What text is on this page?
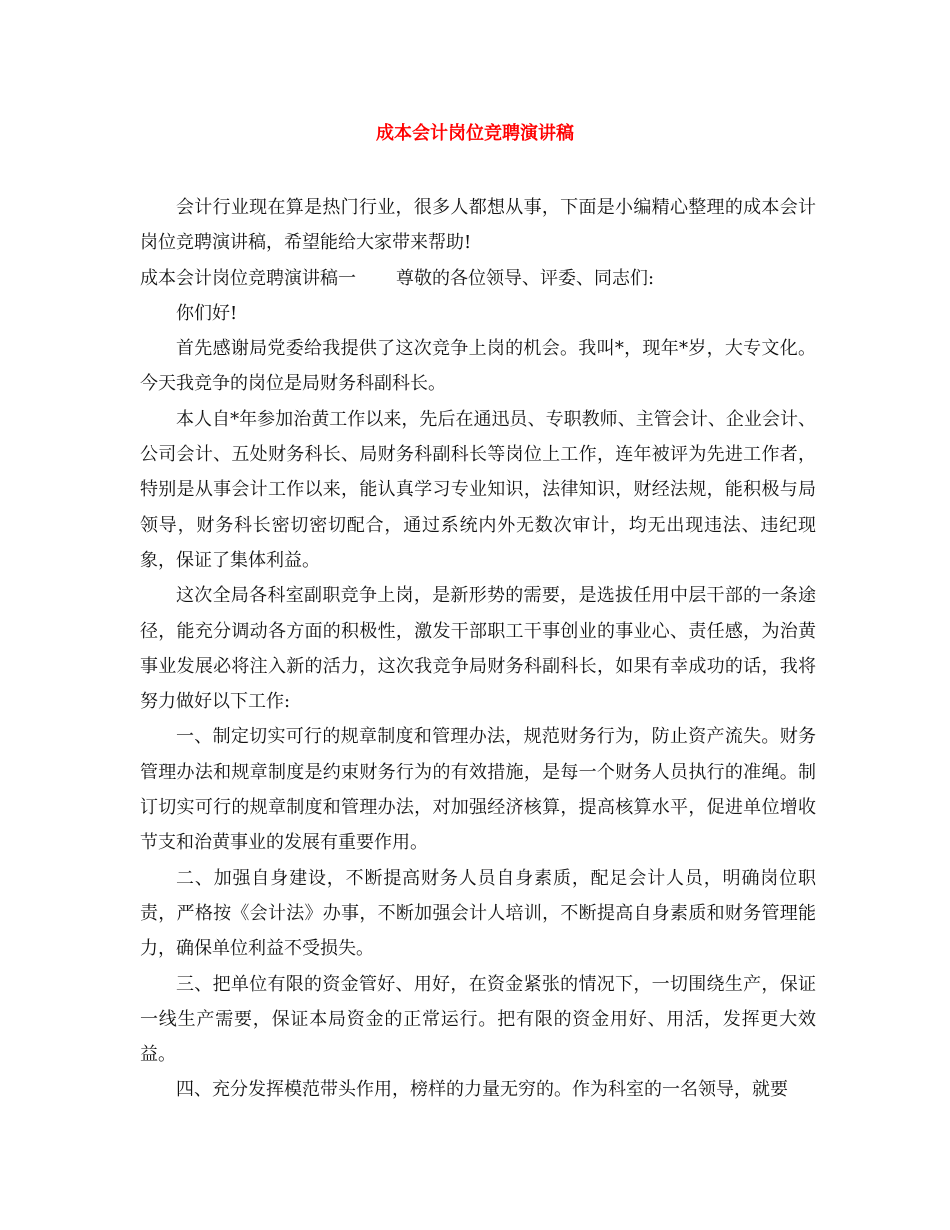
成本会计岗位竞聘演讲稿

会计行业现在算是热门行业，很多人都想从事，下面是小编精心整理的成本会计岗位竞聘演讲稿，希望能给大家带来帮助!

成本会计岗位竞聘演讲稿一 尊敬的各位领导、评委、同志们:

你们好!

首先感谢局党委给我提供了这次竞争上岗的机会。我叫*，现年*岁，大专文化。今天我竞争的岗位是局财务科副科长。

本人自*年参加治黄工作以来，先后在通迅员、专职教师、主管会计、企业会计、公司会计、五处财务科长、局财务科副科长等岗位上工作，连年被评为先进工作者，特别是从事会计工作以来，能认真学习专业知识，法律知识，财经法规，能积极与局领导，财务科长密切密切配合，通过系统内外无数次审计，均无出现违法、违纪现象，保证了集体利益。

这次全局各科室副职竞争上岗，是新形势的需要，是选拔任用中层干部的一条途径，能充分调动各方面的积极性，激发干部职工干事创业的事业心、责任感，为治黄事业发展必将注入新的活力，这次我竞争局财务科副科长，如果有幸成功的话，我将努力做好以下工作:

一、制定切实可行的规章制度和管理办法，规范财务行为，防止资产流失。财务管理办法和规章制度是约束财务行为的有效措施，是每一个财务人员执行的准绳。制订切实可行的规章制度和管理办法，对加强经济核算，提高核算水平，促进单位增收节支和治黄事业的发展有重要作用。

二、加强自身建设，不断提高财务人员自身素质，配足会计人员，明确岗位职责，严格按《会计法》办事，不断加强会计人培训，不断提高自身素质和财务管理能力，确保单位利益不受损失。

三、把单位有限的资金管好、用好，在资金紧张的情况下，一切围绕生产，保证一线生产需要，保证本局资金的正常运行。把有限的资金用好、用活，发挥更大效益。

四、充分发挥模范带头作用，榜样的力量无穷的。作为科室的一名领导，就要
